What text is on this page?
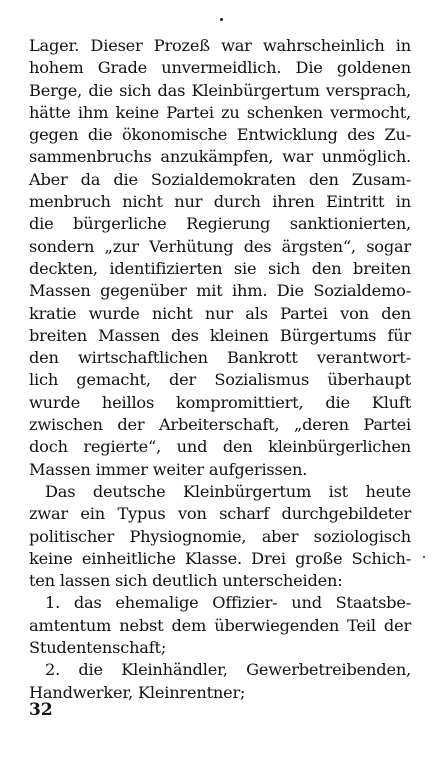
Lager. Dieser Prozeß war wahrscheinlich in
hohem Grade unvermeidlich. Die goldenen
Berge, die sich das Kleinbürgertum versprach,
hätte ihm keine Partei zu schenken vermocht,
gegen die ökonomische Entwicklung des Zu-
sammenbruchs anzukämpfen, war unmöglich.
Aber da die Sozialdemokraten den Zusam-
menbruch nicht nur durch ihren Eintritt in
die bürgerliche Regierung sanktionierten,
sondern „zur Verhütung des ärgsten“, sogar
deckten, identifizierten sie sich den breiten
Massen gegenüber mit ihm. Die Sozialdemo-
kratie wurde nicht nur als Partei von den
breiten Massen des kleinen Bürgertums für
den wirtschaftlichen Bankrott verantwort-
lich gemacht, der Sozialismus überhaupt
wurde heillos kompromittiert, die Kluft
zwischen der Arbeiterschaft, „deren Partei
doch regierte“, und den kleinbürgerlichen
Massen immer weiter aufgerissen.
Das deutsche Kleinbürgertum ist heute
zwar ein Typus von scharf durchgebildeter
politischer Physiognomie, aber soziologisch
keine einheitliche Klasse. Drei große Schich-
ten lassen sich deutlich unterscheiden:
1. das ehemalige Offizier- und Staatsbe-
amtentum nebst dem überwiegenden Teil der
Studentenschaft;
2. die Kleinhändler, Gewerbetreibenden,
Handwerker, Kleinrentner;
32
